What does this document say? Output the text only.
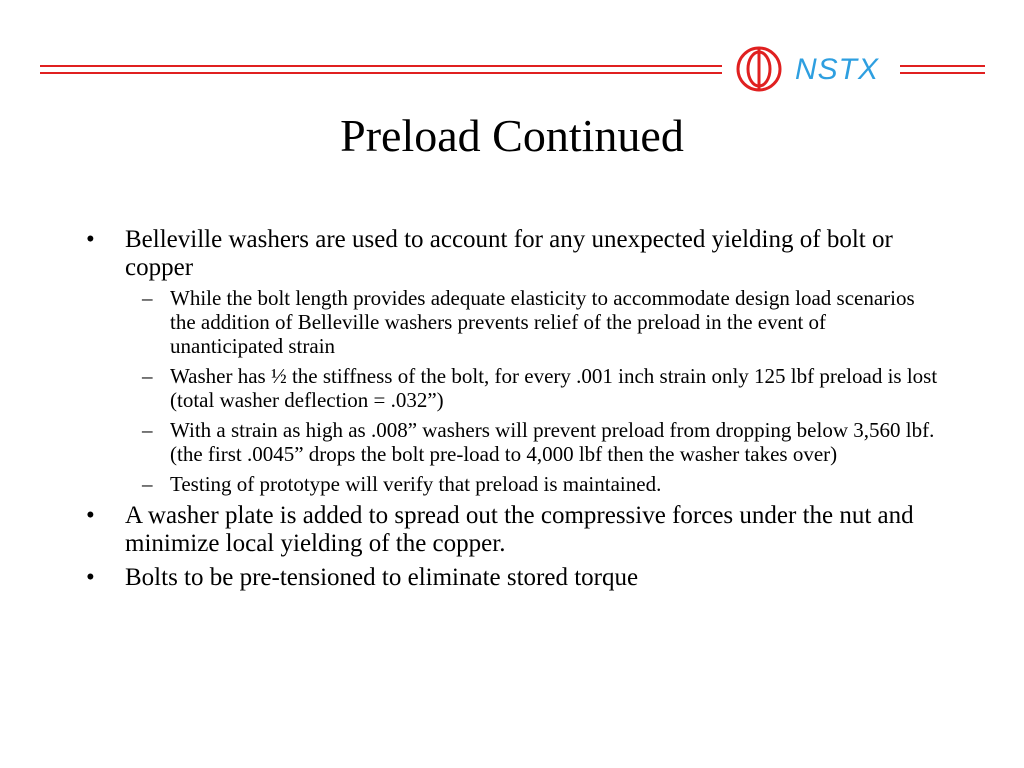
NSTX
Preload Continued
• Belleville washers are used to account for any unexpected yielding of bolt or copper
– While the bolt length provides adequate elasticity to accommodate design load scenarios the addition of Belleville washers prevents relief of the preload in the event of unanticipated strain
– Washer has ½ the stiffness of the bolt, for every .001 inch strain only 125 lbf preload is lost (total washer deflection = .032”)
– With a strain as high as .008” washers will prevent preload from dropping below 3,560 lbf. (the first .0045” drops the bolt pre-load to 4,000 lbf then the washer takes over)
– Testing of prototype will verify that preload is maintained.
• A washer plate is added to spread out the compressive forces under the nut and minimize local yielding of the copper.
• Bolts to be pre-tensioned to eliminate stored torque
